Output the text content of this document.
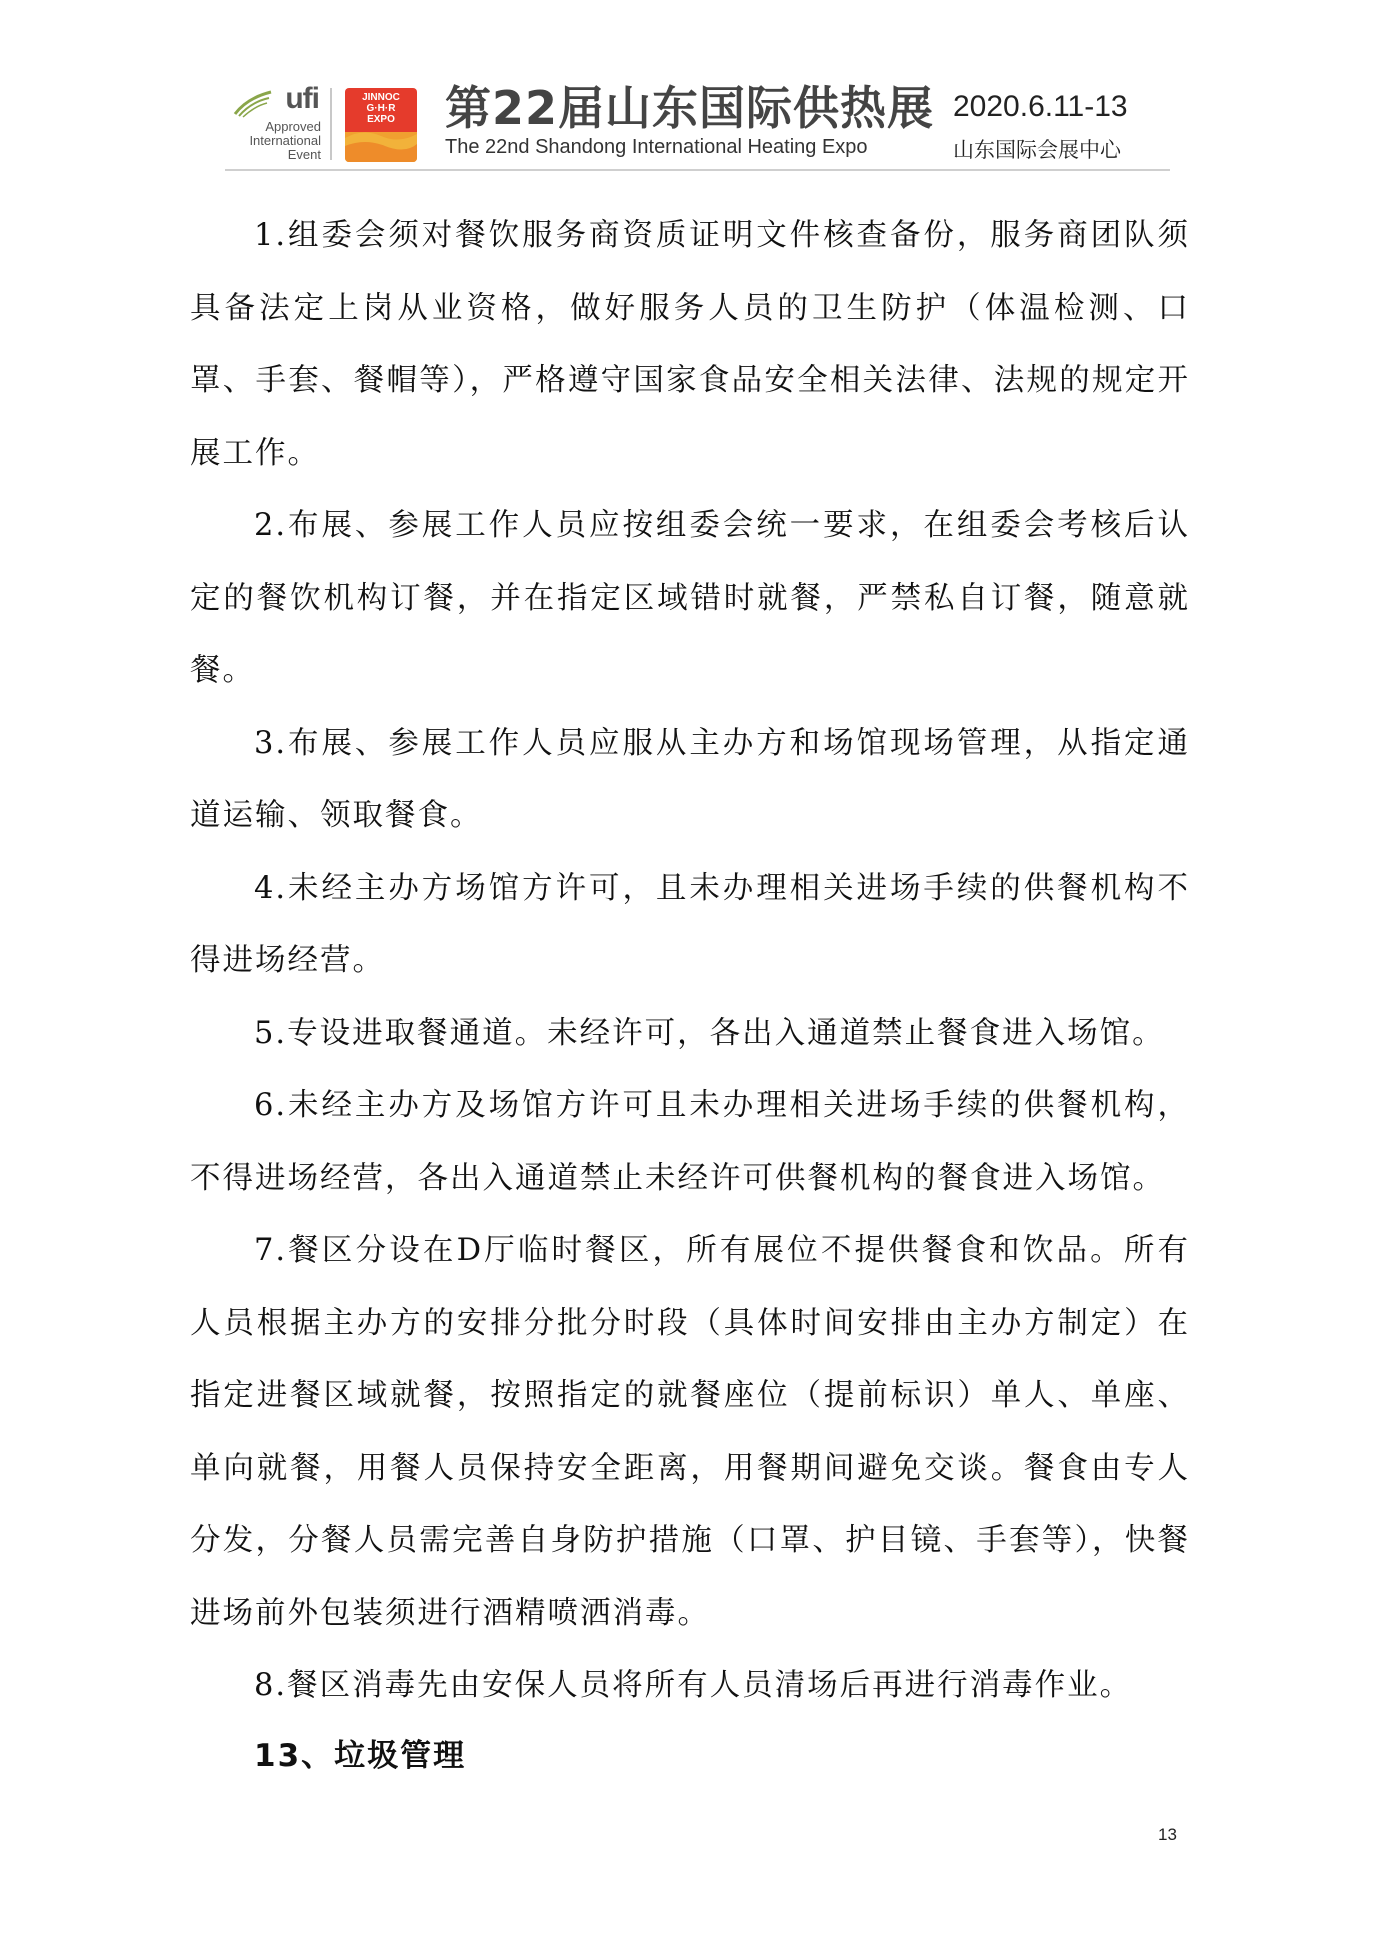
ufi
Approved
International
Event
JINNOC
G·H·R
EXPO	第22届山东国际供热展
The 22nd Shandong International Heating Expo
2020.6.11-13
山东国际会展中心

1.组委会须对餐饮服务商资质证明文件核查备份，服务商团队须具备法定上岗从业资格，做好服务人员的卫生防护（体温检测、口罩、手套、餐帽等），严格遵守国家食品安全相关法律、法规的规定开展工作。

2.布展、参展工作人员应按组委会统一要求，在组委会考核后认定的餐饮机构订餐，并在指定区域错时就餐，严禁私自订餐，随意就餐。

3.布展、参展工作人员应服从主办方和场馆现场管理，从指定通道运输、领取餐食。

4.未经主办方场馆方许可，且未办理相关进场手续的供餐机构不得进场经营。

5.专设进取餐通道。未经许可，各出入通道禁止餐食进入场馆。

6.未经主办方及场馆方许可且未办理相关进场手续的供餐机构，不得进场经营，各出入通道禁止未经许可供餐机构的餐食进入场馆。

7.餐区分设在D厅临时餐区，所有展位不提供餐食和饮品。所有人员根据主办方的安排分批分时段（具体时间安排由主办方制定）在指定进餐区域就餐，按照指定的就餐座位（提前标识）单人、单座、单向就餐，用餐人员保持安全距离，用餐期间避免交谈。餐食由专人分发，分餐人员需完善自身防护措施（口罩、护目镜、手套等），快餐进场前外包装须进行酒精喷洒消毒。

8.餐区消毒先由安保人员将所有人员清场后再进行消毒作业。

13、垃圾管理
13
